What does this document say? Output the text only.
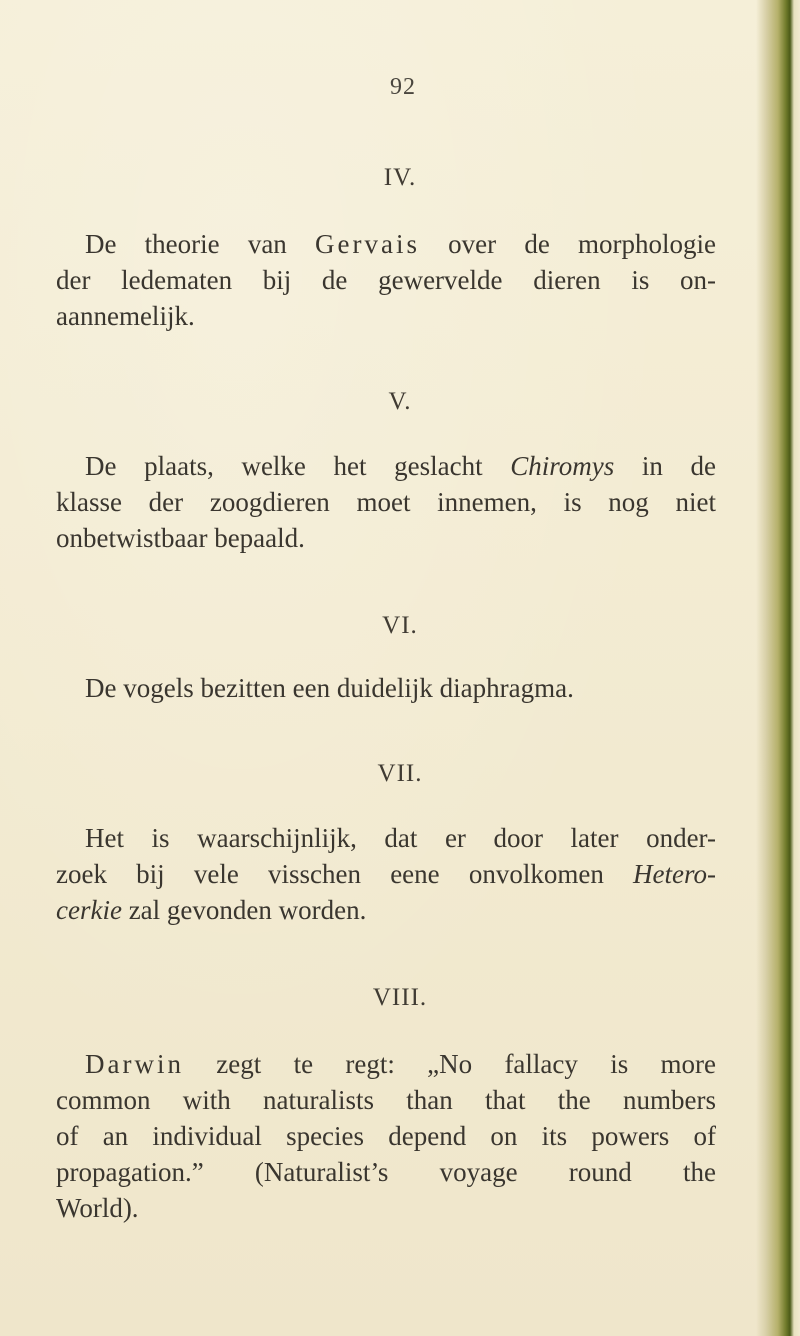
92
IV.

De theorie van Gervais over de morphologie
der ledematen bij de gewervelde dieren is on-
aannemelijk.

V.

De plaats, welke het geslacht Chiromys in de
klasse der zoogdieren moet innemen, is nog niet
onbetwistbaar bepaald.

VI.

De vogels bezitten een duidelijk diaphragma.

VII.

Het is waarschijnlijk, dat er door later onder-
zoek bij vele visschen eene onvolkomen Hetero-
cerkie zal gevonden worden.

VIII.

Darwin zegt te regt: „No fallacy is more
common with naturalists than that the numbers
of an individual species depend on its powers of
propagation.” (Naturalist’s voyage round the
World).
